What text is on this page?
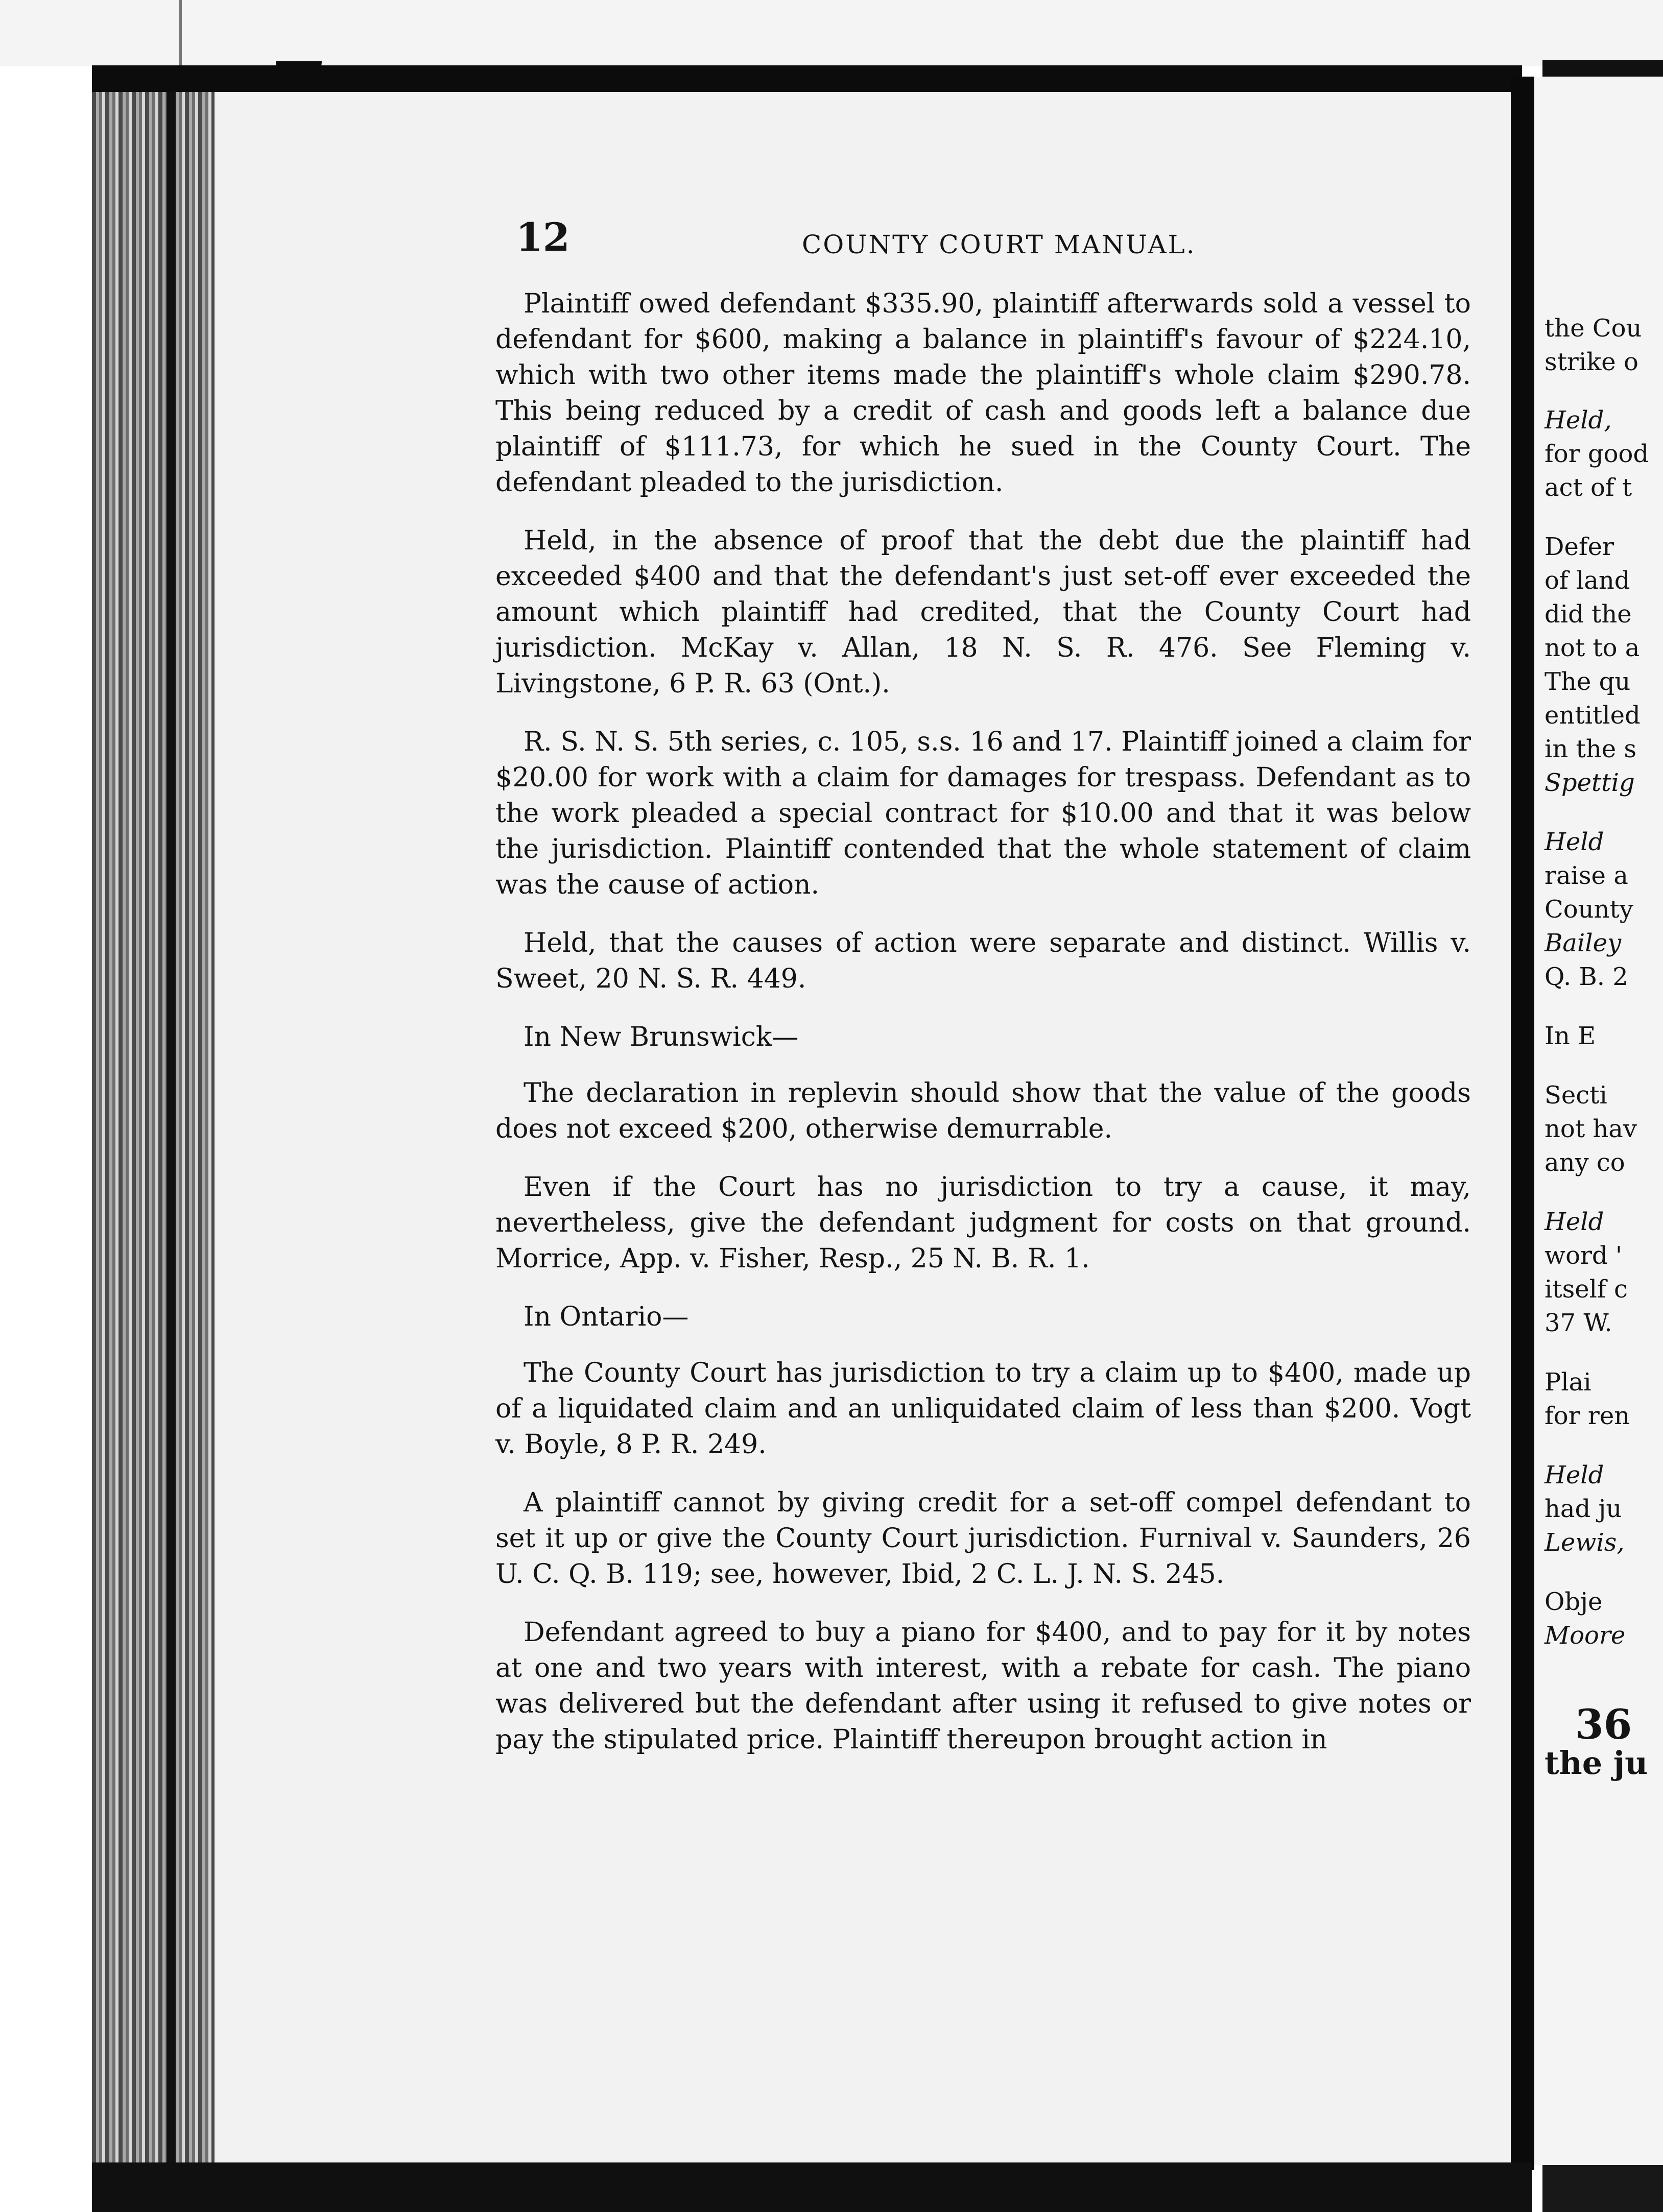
the Cou
strike o
Held,
for good
act of t
Defer
of land
did the
not to a
The qu
entitled
in the s
Spettig
Held
raise a
County
Bailey
Q. B. 2
In E
Secti
not hav
any co
Held
word '
itself c
37 W.
Plai
for ren
Held
had ju
Lewis,
Obje
Moore
36
the ju
12	COUNTY COURT MANUAL.

Plaintiff owed defendant $335.90, plaintiff afterwards sold a vessel to defendant for $600, making a balance in plaintiff's favour of $224.10, which with two other items made the plaintiff's whole claim $290.78. This being reduced by a credit of cash and goods left a balance due plaintiff of $111.73, for which he sued in the County Court. The defendant pleaded to the jurisdiction.

Held, in the absence of proof that the debt due the plaintiff had exceeded $400 and that the defendant's just set-off ever exceeded the amount which plaintiff had credited, that the County Court had jurisdiction. McKay v. Allan, 18 N. S. R. 476. See Fleming v. Livingstone, 6 P. R. 63 (Ont.).

R. S. N. S. 5th series, c. 105, s.s. 16 and 17. Plaintiff joined a claim for $20.00 for work with a claim for damages for trespass. Defendant as to the work pleaded a special contract for $10.00 and that it was below the jurisdiction. Plaintiff contended that the whole statement of claim was the cause of action.

Held, that the causes of action were separate and distinct. Willis v. Sweet, 20 N. S. R. 449.

In New Brunswick—

The declaration in replevin should show that the value of the goods does not exceed $200, otherwise demurrable.

Even if the Court has no jurisdiction to try a cause, it may, nevertheless, give the defendant judgment for costs on that ground. Morrice, App. v. Fisher, Resp., 25 N. B. R. 1.

In Ontario—

The County Court has jurisdiction to try a claim up to $400, made up of a liquidated claim and an unliquidated claim of less than $200. Vogt v. Boyle, 8 P. R. 249.

A plaintiff cannot by giving credit for a set-off compel defendant to set it up or give the County Court jurisdiction. Furnival v. Saunders, 26 U. C. Q. B. 119; see, however, Ibid, 2 C. L. J. N. S. 245.

Defendant agreed to buy a piano for $400, and to pay for it by notes at one and two years with interest, with a rebate for cash. The piano was delivered but the defendant after using it refused to give notes or pay the stipulated price. Plaintiff thereupon brought action in
